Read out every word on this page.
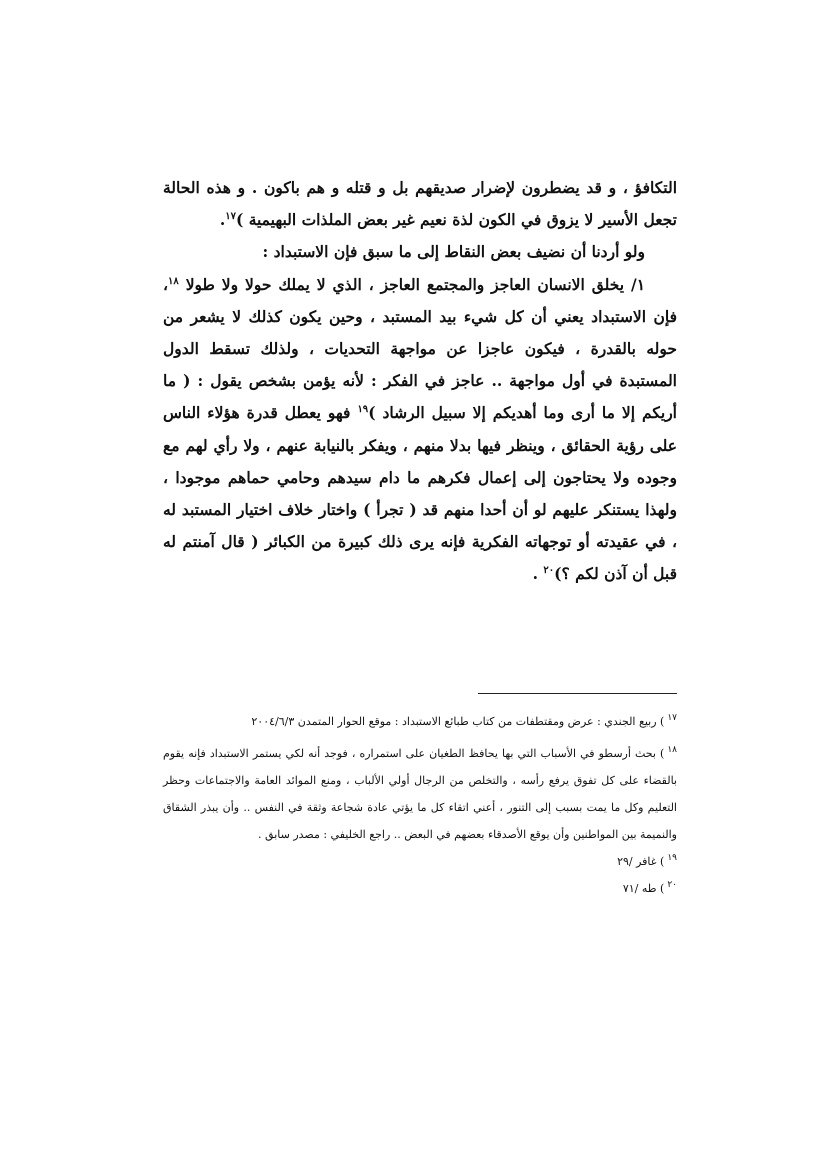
التكافؤ ، و قد يضطرون لإضرار صديقهم بل و قتله و هم باكون . و هذه الحالة تجعل الأسير لا يزوق في الكون لذة نعيم غير بعض الملذات البهيمية )$^{١٧}$.

ولو أردنا أن نضيف بعض النقاط إلى ما سبق فإن الاستبداد :

١/ يخلق الانسان العاجز والمجتمع العاجز ، الذي لا يملك حولا ولا طولا $^{١٨}$، فإن الاستبداد يعني أن كل شيء بيد المستبد ، وحين يكون كذلك لا يشعر من حوله بالقدرة ، فيكون عاجزا عن مواجهة التحديات ، ولذلك تسقط الدول المستبدة في أول مواجهة .. عاجز في الفكر : لأنه يؤمن بشخص يقول : ( ما أريكم إلا ما أرى وما أهديكم إلا سبيل الرشاد )$^{١٩}$ فهو يعطل قدرة هؤلاء الناس على رؤية الحقائق ، وينظر فيها بدلا منهم ، ويفكر بالنيابة عنهم ، ولا رأي لهم مع وجوده ولا يحتاجون إلى إعمال فكرهم ما دام سيدهم وحامي حماهم موجودا ، ولهذا يستنكر عليهم لو أن أحدا منهم قد ( تجرأ ) واختار خلاف اختيار المستبد له ، في عقيدته أو توجهاته الفكرية فإنه يرى ذلك كبيرة من الكبائر ( قال آمنتم له قبل أن آذن لكم ؟)$^{٢٠}$ .

$^{١٧}$) ربيع الجندي : عرض ومقتطفات من كتاب طبائع الاستبداد : موقع الحوار المتمدن ٢٠٠٤/٦/٣

$^{١٨}$) بحث أرسطو في الأسباب التي بها يحافظ الطغيان على استمراره ، فوجد أنه لكي يستمر الاستبداد فإنه يقوم بالقضاء على كل تفوق يرفع رأسه ، والتخلص من الرجال أولي الألباب ، ومنع الموائد العامة والاجتماعات وحظر التعليم وكل ما يمت بسبب إلى التنور ، أعني اتقاء كل ما يؤتي عادة شجاعة وثقة في النفس .. وأن يبذر الشقاق والنميمة بين المواطنين وأن يوقع الأصدقاء بعضهم في البعض .. راجع الخليفي : مصدر سابق .

$^{١٩}$) غافر /٢٩

$^{٢٠}$) طه /٧١
